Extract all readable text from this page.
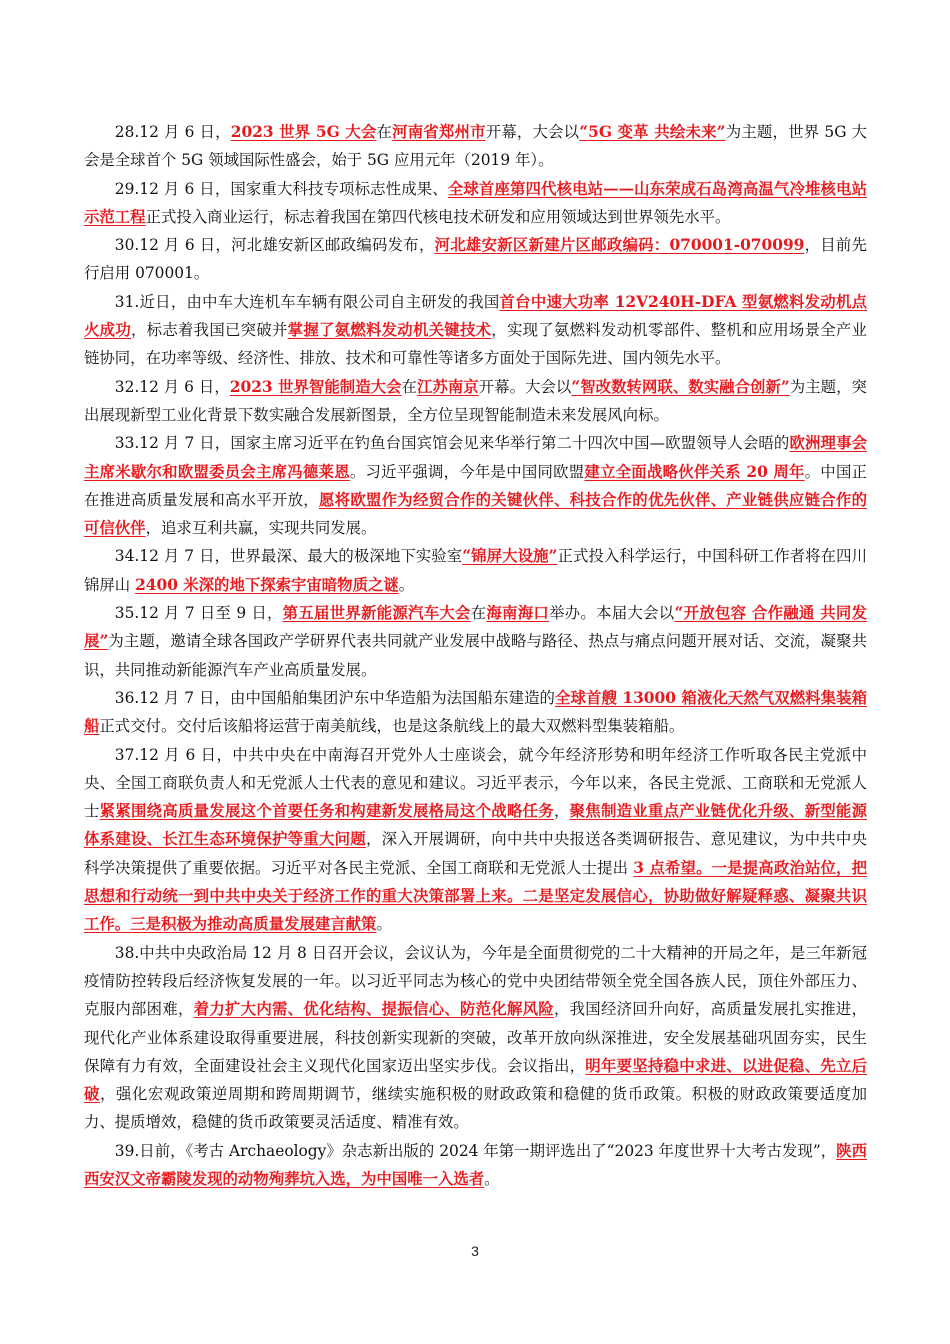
28.12 月 6 日，2023 世界 5G 大会在河南省郑州市开幕，大会以“5G 变革 共绘未来”为主题，世界 5G 大会是全球首个 5G 领域国际性盛会，始于 5G 应用元年（2019 年）。

29.12 月 6 日，国家重大科技专项标志性成果、全球首座第四代核电站——山东荣成石岛湾高温气冷堆核电站示范工程正式投入商业运行，标志着我国在第四代核电技术研发和应用领域达到世界领先水平。

30.12 月 6 日，河北雄安新区邮政编码发布，河北雄安新区新建片区邮政编码：070001-070099，目前先行启用 070001。

31.近日，由中车大连机车车辆有限公司自主研发的我国首台中速大功率 12V240H-DFA 型氨燃料发动机点火成功，标志着我国已突破并掌握了氨燃料发动机关键技术，实现了氨燃料发动机零部件、整机和应用场景全产业链协同，在功率等级、经济性、排放、技术和可靠性等诸多方面处于国际先进、国内领先水平。

32.12 月 6 日，2023 世界智能制造大会在江苏南京开幕。大会以“智改数转网联、数实融合创新”为主题，突出展现新型工业化背景下数实融合发展新图景，全方位呈现智能制造未来发展风向标。

33.12 月 7 日，国家主席习近平在钓鱼台国宾馆会见来华举行第二十四次中国—欧盟领导人会晤的欧洲理事会主席米歇尔和欧盟委员会主席冯德莱恩。习近平强调，今年是中国同欧盟建立全面战略伙伴关系 20 周年。中国正在推进高质量发展和高水平开放，愿将欧盟作为经贸合作的关键伙伴、科技合作的优先伙伴、产业链供应链合作的可信伙伴，追求互利共赢，实现共同发展。

34.12 月 7 日，世界最深、最大的极深地下实验室“锦屏大设施”正式投入科学运行，中国科研工作者将在四川锦屏山 2400 米深的地下探索宇宙暗物质之谜。

35.12 月 7 日至 9 日，第五届世界新能源汽车大会在海南海口举办。本届大会以“开放包容 合作融通 共同发展”为主题，邀请全球各国政产学研界代表共同就产业发展中战略与路径、热点与痛点问题开展对话、交流，凝聚共识，共同推动新能源汽车产业高质量发展。

36.12 月 7 日，由中国船舶集团沪东中华造船为法国船东建造的全球首艘 13000 箱液化天然气双燃料集装箱船正式交付。交付后该船将运营于南美航线，也是这条航线上的最大双燃料型集装箱船。

37.12 月 6 日，中共中央在中南海召开党外人士座谈会，就今年经济形势和明年经济工作听取各民主党派中央、全国工商联负责人和无党派人士代表的意见和建议。习近平表示，今年以来，各民主党派、工商联和无党派人士紧紧围绕高质量发展这个首要任务和构建新发展格局这个战略任务，聚焦制造业重点产业链优化升级、新型能源体系建设、长江生态环境保护等重大问题，深入开展调研，向中共中央报送各类调研报告、意见建议，为中共中央科学决策提供了重要依据。习近平对各民主党派、全国工商联和无党派人士提出 3 点希望。一是提高政治站位，把思想和行动统一到中共中央关于经济工作的重大决策部署上来。二是坚定发展信心，协助做好解疑释惑、凝聚共识工作。三是积极为推动高质量发展建言献策。

38.中共中央政治局 12 月 8 日召开会议，会议认为，今年是全面贯彻党的二十大精神的开局之年，是三年新冠疫情防控转段后经济恢复发展的一年。以习近平同志为核心的党中央团结带领全党全国各族人民，顶住外部压力、克服内部困难，着力扩大内需、优化结构、提振信心、防范化解风险，我国经济回升向好，高质量发展扎实推进，现代化产业体系建设取得重要进展，科技创新实现新的突破，改革开放向纵深推进，安全发展基础巩固夯实，民生保障有力有效，全面建设社会主义现代化国家迈出坚实步伐。会议指出，明年要坚持稳中求进、以进促稳、先立后破，强化宏观政策逆周期和跨周期调节，继续实施积极的财政政策和稳健的货币政策。积极的财政政策要适度加力、提质增效，稳健的货币政策要灵活适度、精准有效。

39.日前，《考古 Archaeology》杂志新出版的 2024 年第一期评选出了“2023 年度世界十大考古发现”，陕西西安汉文帝霸陵发现的动物殉葬坑入选，为中国唯一入选者。

3
